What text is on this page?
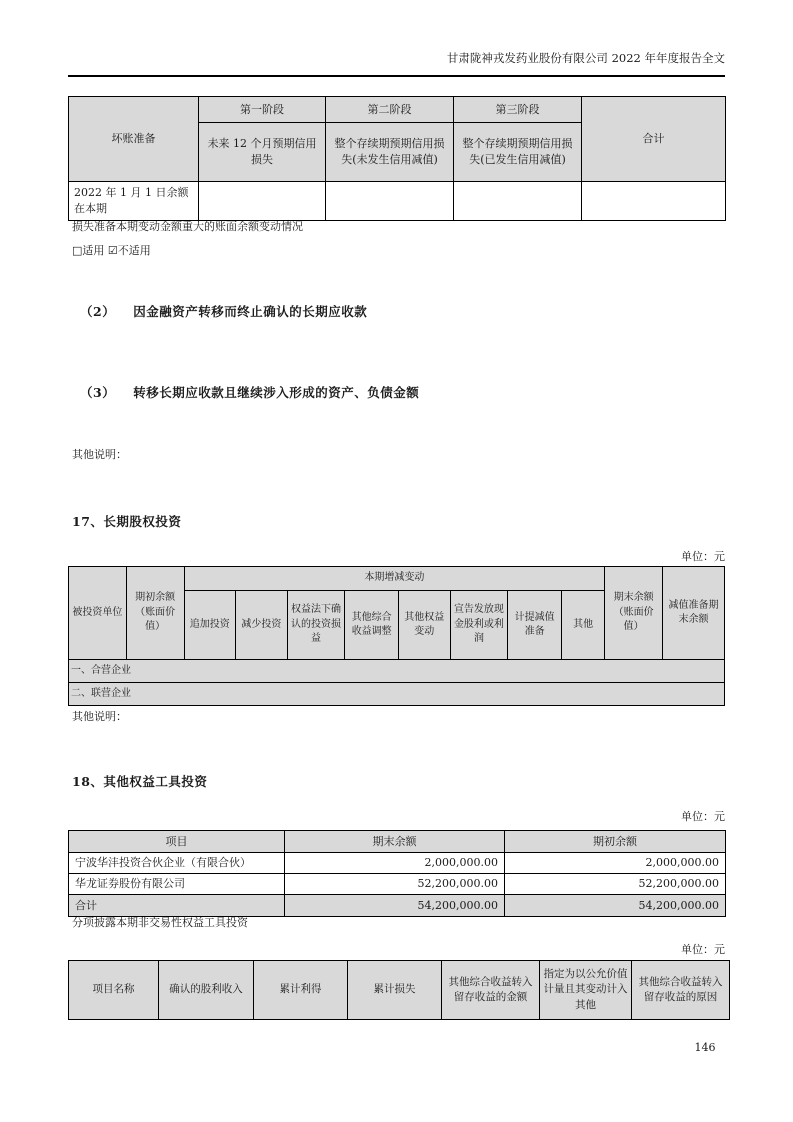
甘肃陇神戎发药业股份有限公司 2022 年年度报告全文
坏账准备	第一阶段	第二阶段	第三阶段	合计
	未来 12 个月预期信用损失	整个存续期预期信用损失(未发生信用减值)	整个存续期预期信用损失(已发生信用减值)	
2022 年 1 月 1 日余额在本期				
损失准备本期变动金额重大的账面余额变动情况
□适用 ☑不适用
（2） 因金融资产转移而终止确认的长期应收款
（3） 转移长期应收款且继续涉入形成的资产、负债金额
其他说明：
17、长期股权投资
单位：元
被投资单位	期初余额（账面价值）	本期增减变动								期末余额（账面价值）	减值准备期末余额
		追加投资	减少投资	权益法下确认的投资损益	其他综合收益调整	其他权益变动	宣告发放现金股利或利润	计提减值准备	其他		
一、合营企业											
二、联营企业											
其他说明：
18、其他权益工具投资
单位：元
项目	期末余额	期初余额
宁波华沣投资合伙企业（有限合伙）	2,000,000.00	2,000,000.00
华龙证券股份有限公司	52,200,000.00	52,200,000.00
合计	54,200,000.00	54,200,000.00
分项披露本期非交易性权益工具投资
单位：元
项目名称	确认的股利收入	累计利得	累计损失	其他综合收益转入留存收益的金额	指定为以公允价值计量且其变动计入其他	其他综合收益转入留存收益的原因
146
